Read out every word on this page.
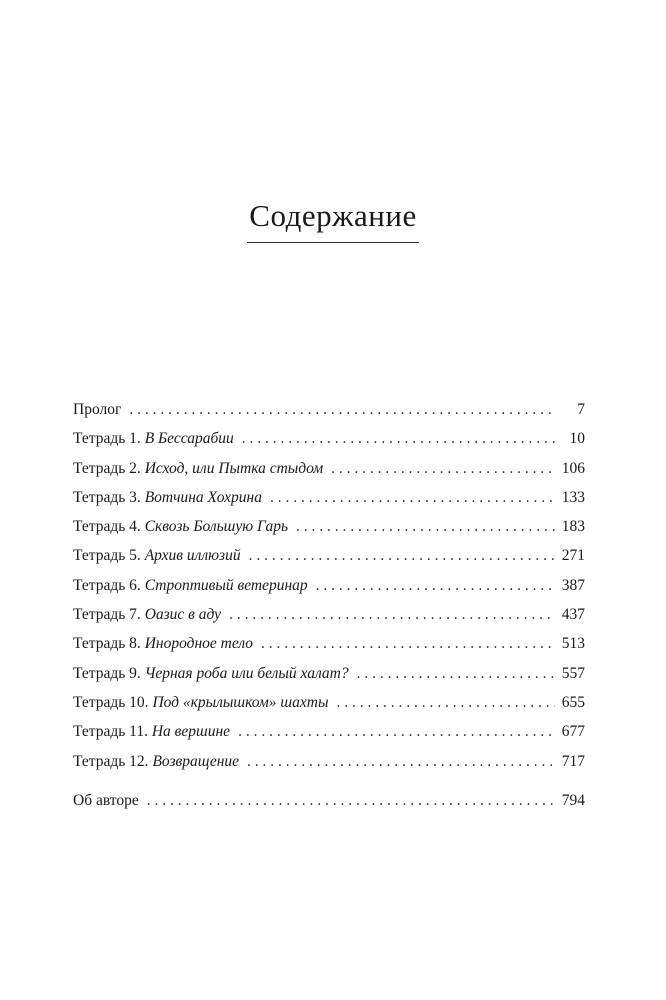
Содержание
Пролог . . .	7
Тетрадь 1. В Бессарабии . . .	10
Тетрадь 2. Исход, или Пытка стыдом . . .	106
Тетрадь 3. Вотчина Хохрина . . .	133
Тетрадь 4. Сквозь Большую Гарь . . .	183
Тетрадь 5. Архив иллюзий . . .	271
Тетрадь 6. Строптивый ветеринар . . .	387
Тетрадь 7. Оазис в аду . . .	437
Тетрадь 8. Инородное тело . . .	513
Тетрадь 9. Черная роба или белый халат? . . .	557
Тетрадь 10. Под «крылышком» шахты . . .	655
Тетрадь 11. На вершине . . .	677
Тетрадь 12. Возвращение . . .	717
Об авторе . . .	794
